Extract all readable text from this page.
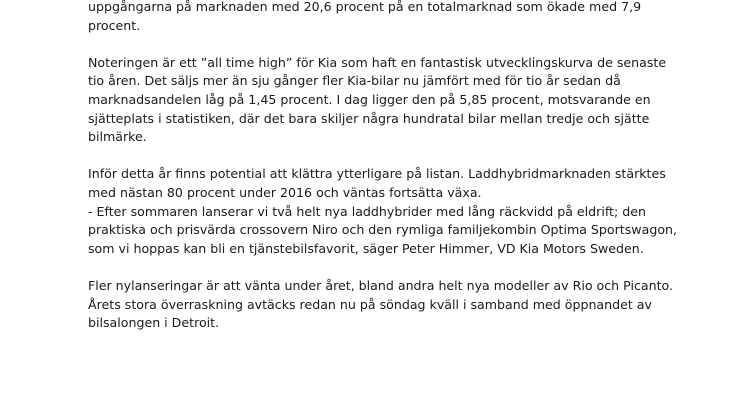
uppgångarna på marknaden med 20,6 procent på en totalmarknad som ökade med 7,9
procent.

Noteringen är ett ”all time high” för Kia som haft en fantastisk utvecklingskurva de senaste
tio åren. Det säljs mer än sju gånger fler Kia-bilar nu jämfört med för tio år sedan då
marknadsandelen låg på 1,45 procent. I dag ligger den på 5,85 procent, motsvarande en
sjätteplats i statistiken, där det bara skiljer några hundratal bilar mellan tredje och sjätte
bilmärke.

Inför detta år finns potential att klättra ytterligare på listan. Laddhybridmarknaden stärktes
med nästan 80 procent under 2016 och väntas fortsätta växa.
- Efter sommaren lanserar vi två helt nya laddhybrider med lång räckvidd på eldrift; den
praktiska och prisvärda crossovern Niro och den rymliga familjekombin Optima Sportswagon,
som vi hoppas kan bli en tjänstebilsfavorit, säger Peter Himmer, VD Kia Motors Sweden.

Fler nylanseringar är att vänta under året, bland andra helt nya modeller av Rio och Picanto.
Årets stora överraskning avtäcks redan nu på söndag kväll i samband med öppnandet av
bilsalongen i Detroit.
